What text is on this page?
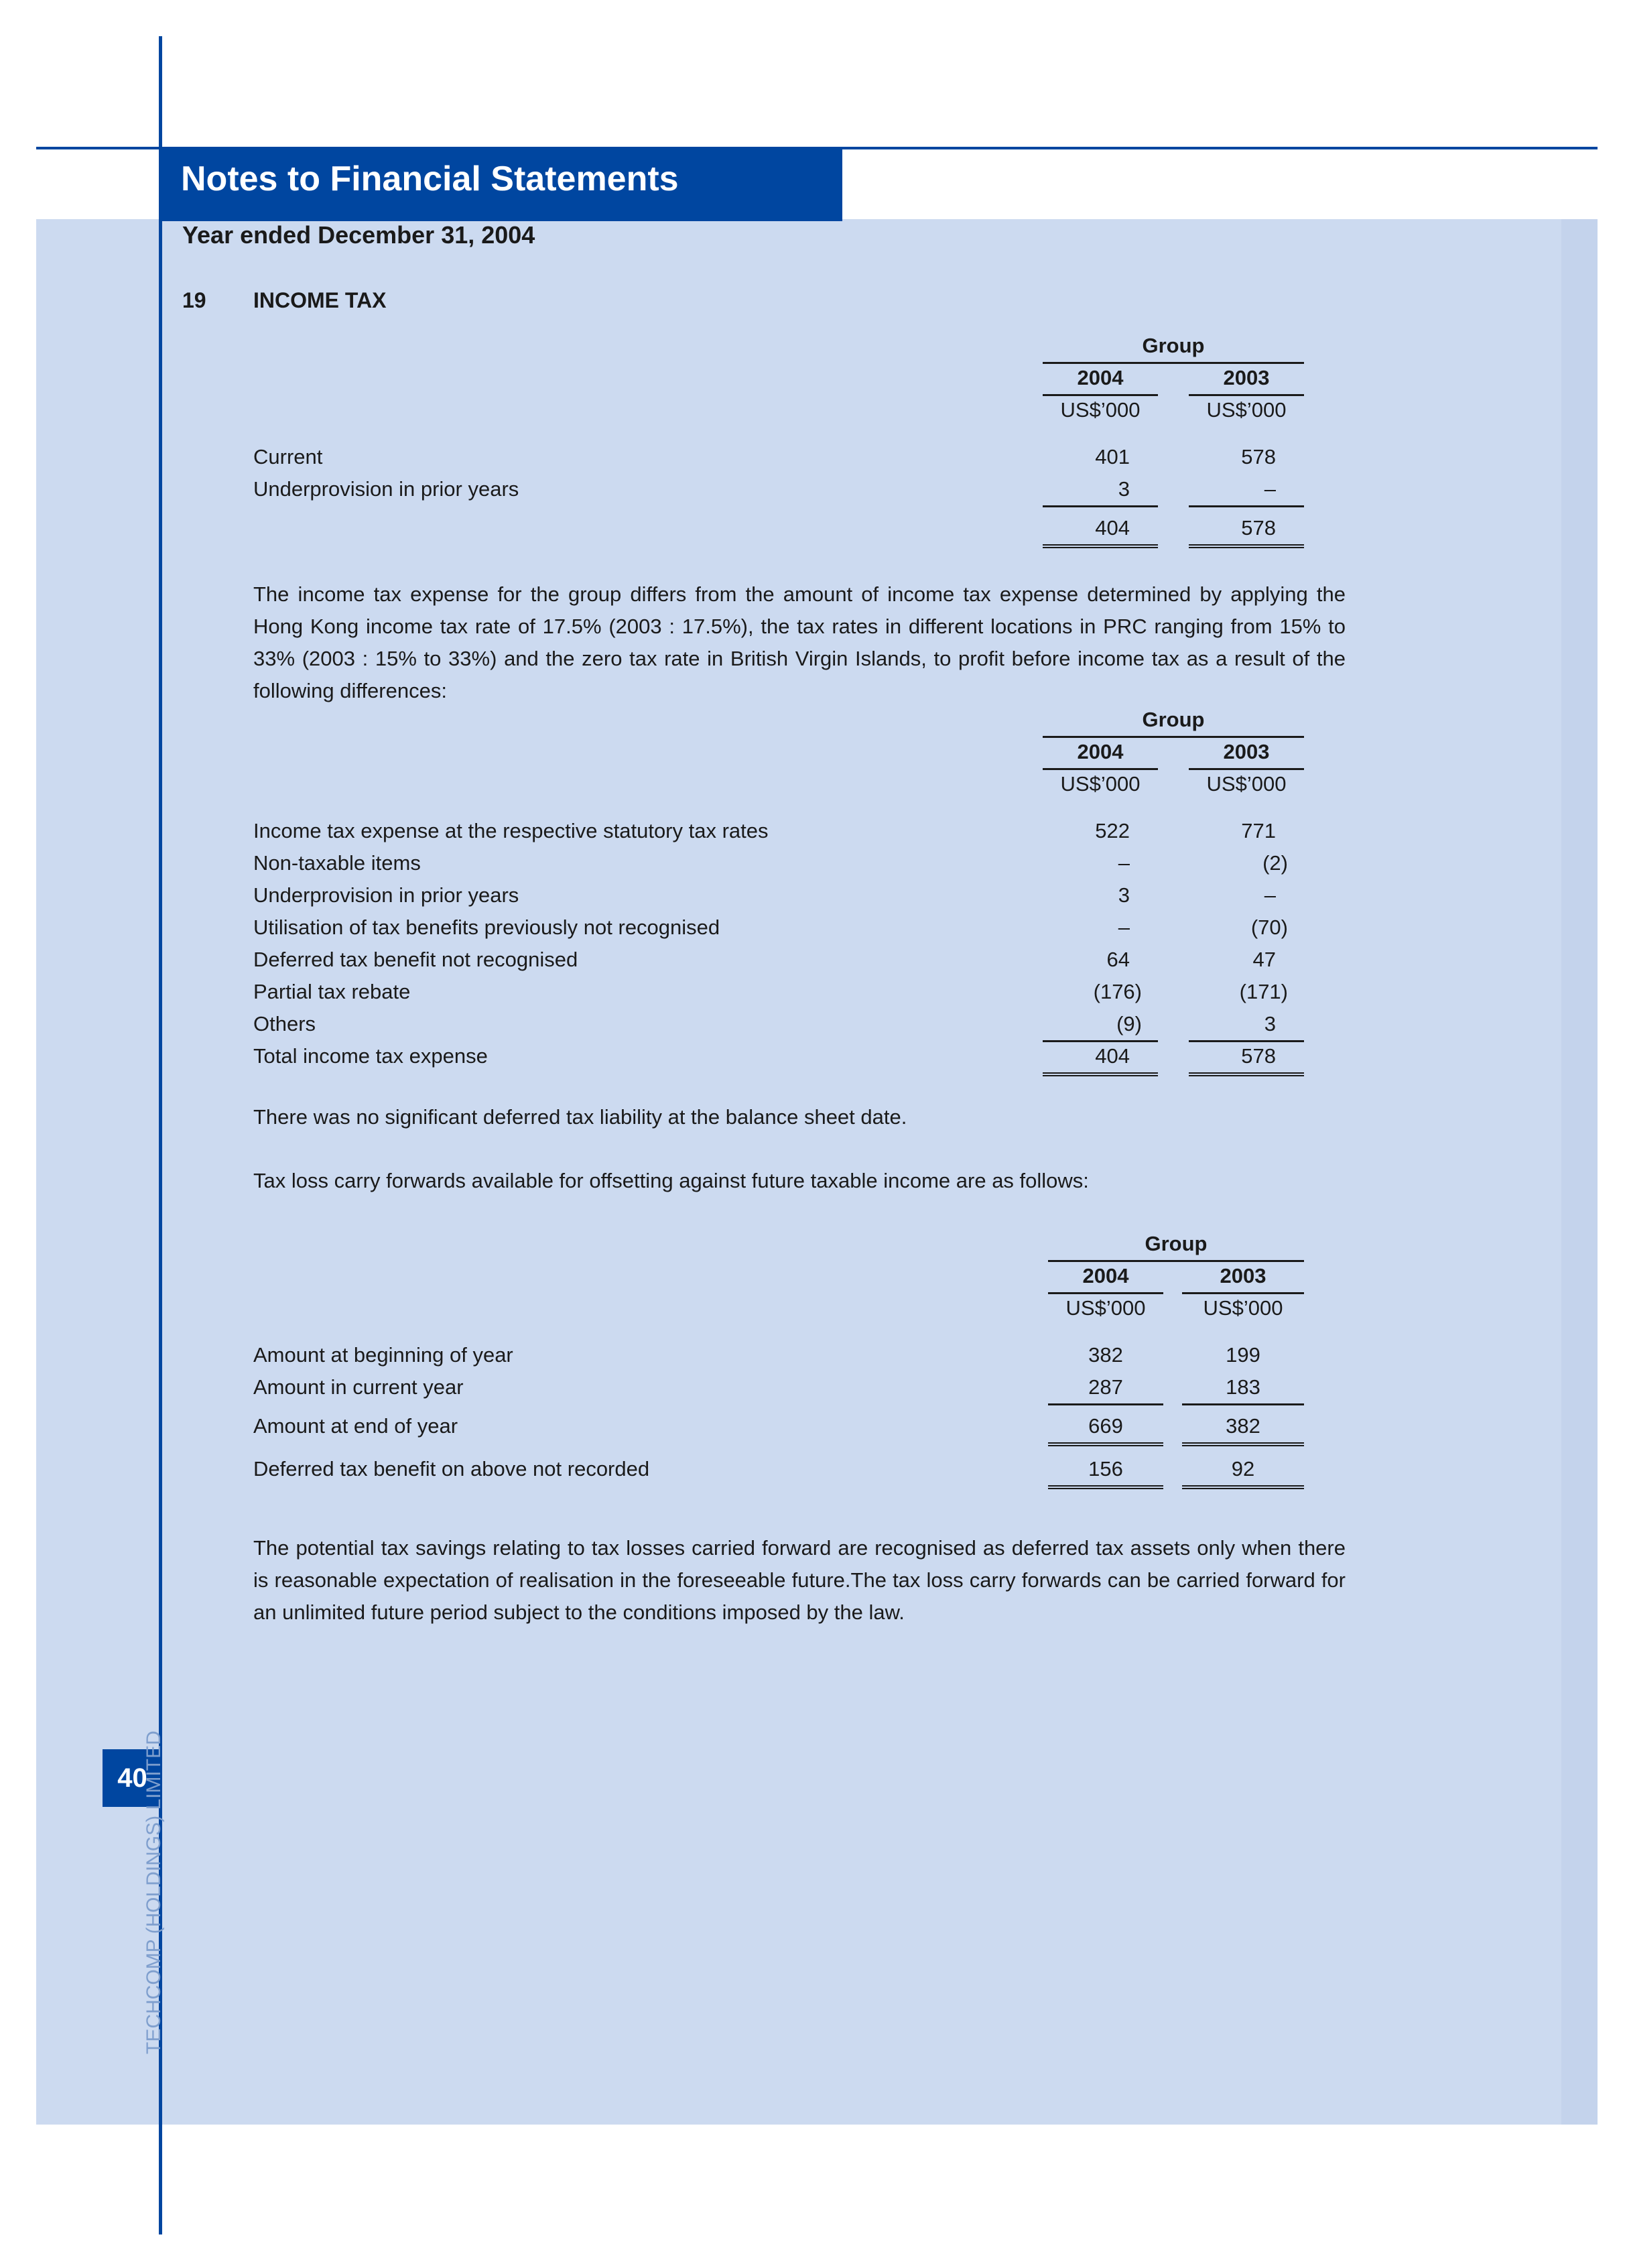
Notes to Financial Statements
Year ended December 31, 2004
19 INCOME TAX
Group
2004	2003
US$’000	US$’000
Current	401	578
Underprovision in prior years	3	–
404	578

The income tax expense for the group differs from the amount of income tax expense determined by applying the Hong Kong income tax rate of 17.5% (2003 : 17.5%), the tax rates in different locations in PRC ranging from 15% to 33% (2003 : 15% to 33%) and the zero tax rate in British Virgin Islands, to profit before income tax as a result of the following differences:

Group
2004	2003
US$’000	US$’000
Income tax expense at the respective statutory tax rates	522	771
Non-taxable items	–	(2)
Underprovision in prior years	3	–
Utilisation of tax benefits previously not recognised	–	(70)
Deferred tax benefit not recognised	64	47
Partial tax rebate	(176)	(171)
Others	(9)	3
Total income tax expense	404	578

There was no significant deferred tax liability at the balance sheet date.

Tax loss carry forwards available for offsetting against future taxable income are as follows:

Group
2004	2003
US$’000	US$’000
Amount at beginning of year	382	199
Amount in current year	287	183
Amount at end of year	669	382
Deferred tax benefit on above not recorded	156	92

The potential tax savings relating to tax losses carried forward are recognised as deferred tax assets only when there is reasonable expectation of realisation in the foreseeable future.The tax loss carry forwards can be carried forward for an unlimited future period subject to the conditions imposed by the law.

40
TECHCOMP (HOLDINGS) LIMITED
